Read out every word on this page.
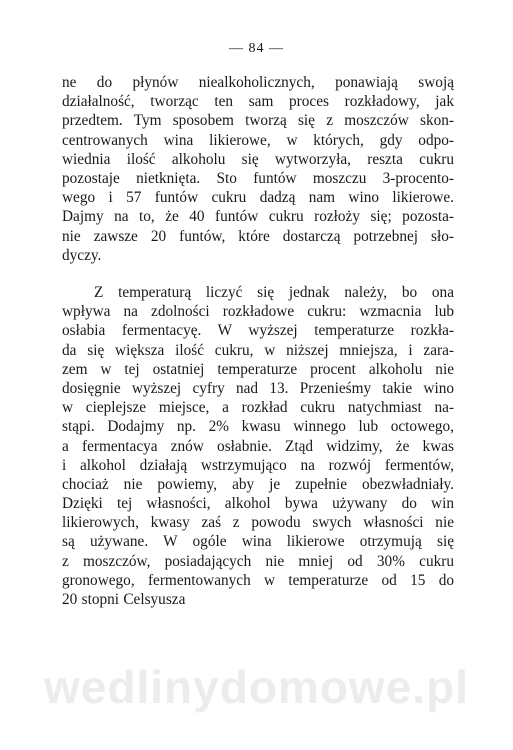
— 84 —
ne do płynów niealkoholicznych, ponawiają swoją
działalność, tworząc ten sam proces rozkładowy, jak
przedtem. Tym sposobem tworzą się z moszczów skon-
centrowanych wina likierowe, w których, gdy odpo-
wiednia ilość alkoholu się wytworzyła, reszta cukru
pozostaje nietknięta. Sto funtów moszczu 3-procento-
wego i 57 funtów cukru dadzą nam wino likierowe.
Dajmy na to, że 40 funtów cukru rozłoży się; pozosta-
nie zawsze 20 funtów, które dostarczą potrzebnej sło-
dyczy.
Z temperaturą liczyć się jednak należy, bo ona
wpływa na zdolności rozkładowe cukru: wzmacnia lub
osłabia fermentacyę. W wyższej temperaturze rozkła-
da się większa ilość cukru, w niższej mniejsza, i zara-
zem w tej ostatniej temperaturze procent alkoholu nie
dosięgnie wyższej cyfry nad 13. Przenieśmy takie wino
w cieplejsze miejsce, a rozkład cukru natychmiast na-
stąpi. Dodajmy np. 2% kwasu winnego lub octowego,
a fermentacya znów osłabnie. Ztąd widzimy, że kwas
i alkohol działają wstrzymująco na rozwój fermentów,
chociaż nie powiemy, aby je zupełnie obezwładniały.
Dzięki tej własności, alkohol bywa używany do win
likierowych, kwasy zaś z powodu swych własności nie
są używane. W ogóle wina likierowe otrzymują się
z moszczów, posiadających nie mniej od 30% cukru
gronowego, fermentowanych w temperaturze od 15 do
20 stopni Celsyusza
wedlinydomowe.pl
